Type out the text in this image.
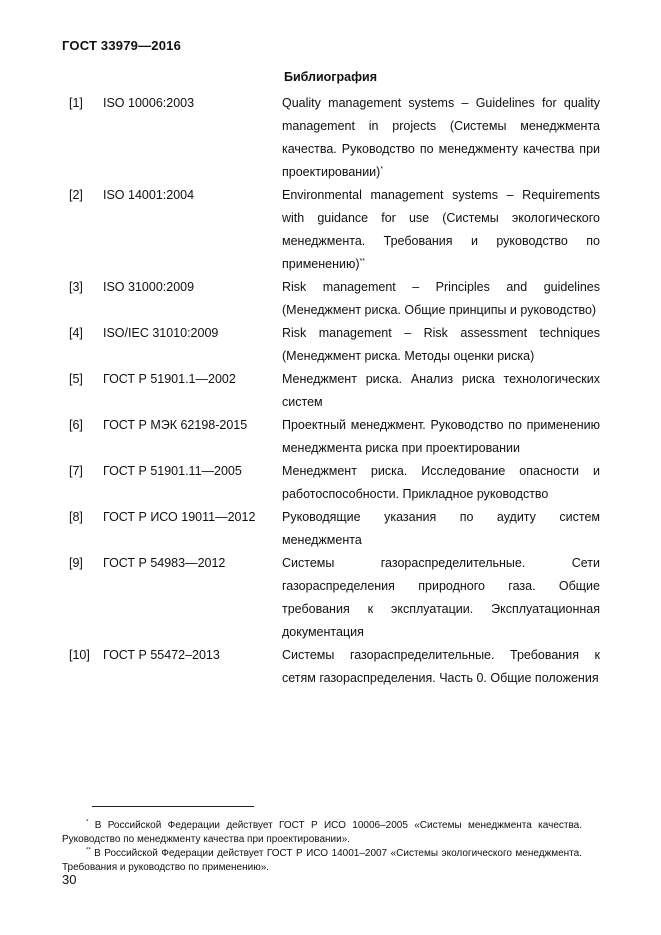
ГОСТ 33979—2016
Библиография
[1] ISO 10006:2003	Quality management systems – Guidelines for quality management in projects (Системы менеджмента качества. Руководство по менеджменту качества при проектировании)*
[2] ISO 14001:2004	Environmental management systems – Requirements with guidance for use (Системы экологического менеджмента. Требования и руководство по применению)**
[3] ISO 31000:2009	Risk management – Principles and guidelines (Менеджмент риска. Общие принципы и руководство)
[4] ISO/IEC 31010:2009	Risk management – Risk assessment techniques (Менеджмент риска. Методы оценки риска)
[5] ГОСТ Р 51901.1—2002	Менеджмент риска. Анализ риска технологических систем
[6] ГОСТ Р МЭК 62198-2015	Проектный менеджмент. Руководство по применению менеджмента риска при проектировании
[7] ГОСТ Р 51901.11—2005	Менеджмент риска. Исследование опасности и работоспособности. Прикладное руководство
[8] ГОСТ Р ИСО 19011—2012 Руководящие указания по аудиту систем менеджмента
[9] ГОСТ Р 54983—2012	Системы газораспределительные. Сети газораспределения природного газа. Общие требования к эксплуатации. Эксплуатационная документация
[10] ГОСТ Р 55472–2013	Системы газораспределительные. Требования к сетям газораспределения. Часть 0. Общие положения
* В Российской Федерации действует ГОСТ Р ИСО 10006–2005 «Системы менеджмента качества. Руководство по менеджменту качества при проектировании».
** В Российской Федерации действует ГОСТ Р ИСО 14001–2007 «Системы экологического менеджмента. Требования и руководство по применению».
30
